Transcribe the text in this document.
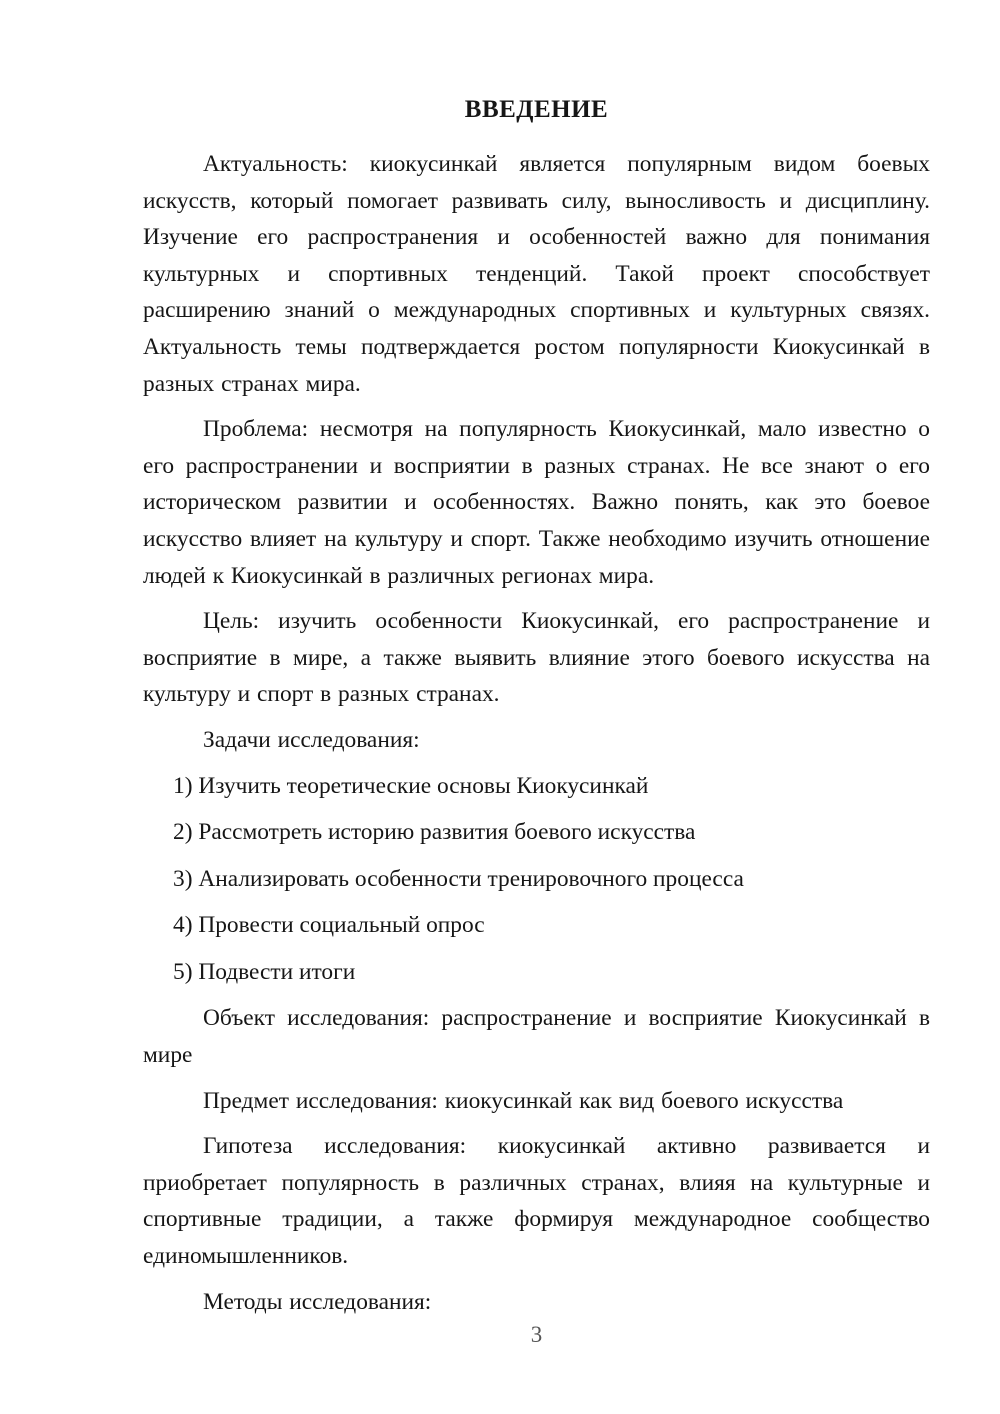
ВВЕДЕНИЕ

Актуальность: киокусинкай является популярным видом боевых искусств, который помогает развивать силу, выносливость и дисциплину. Изучение его распространения и особенностей важно для понимания культурных и спортивных тенденций. Такой проект способствует расширению знаний о международных спортивных и культурных связях. Актуальность темы подтверждается ростом популярности Киокусинкай в разных странах мира.

Проблема: несмотря на популярность Киокусинкай, мало известно о его распространении и восприятии в разных странах. Не все знают о его историческом развитии и особенностях. Важно понять, как это боевое искусство влияет на культуру и спорт. Также необходимо изучить отношение людей к Киокусинкай в различных регионах мира.

Цель: изучить особенности Киокусинкай, его распространение и восприятие в мире, а также выявить влияние этого боевого искусства на культуру и спорт в разных странах.

Задачи исследования:

1) Изучить теоретические основы Киокусинкай

2) Рассмотреть историю развития боевого искусства

3) Анализировать особенности тренировочного процесса

4) Провести социальный опрос

5) Подвести итоги

Объект исследования: распространение и восприятие Киокусинкай в мире

Предмет исследования: киокусинкай как вид боевого искусства

Гипотеза исследования: киокусинкай активно развивается и приобретает популярность в различных странах, влияя на культурные и спортивные традиции, а также формируя международное сообщество единомышленников.

Методы исследования:

3
